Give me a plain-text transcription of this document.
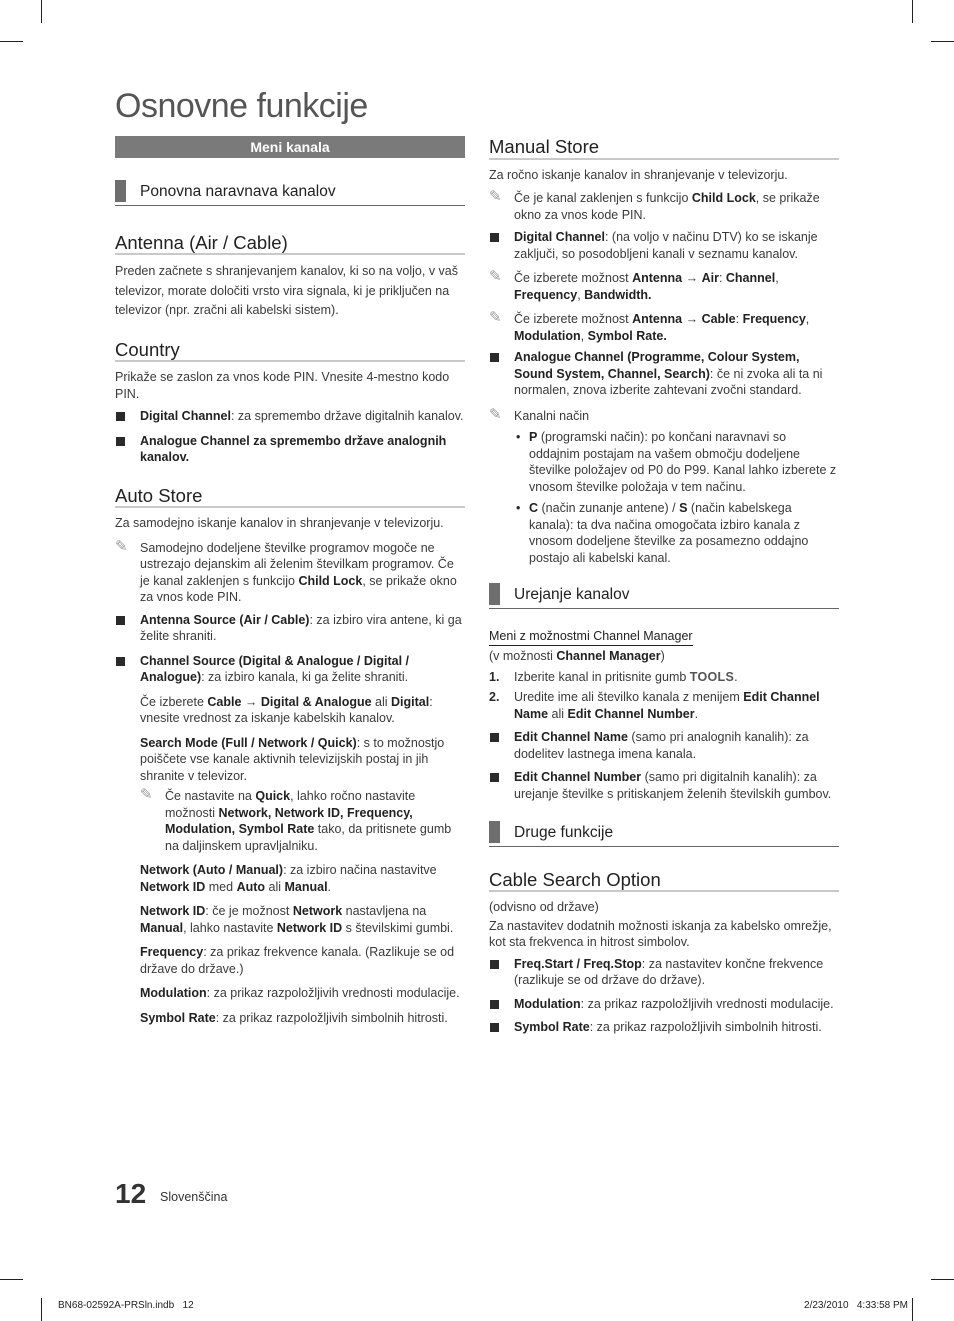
Osnovne funkcije
Meni kanala
Ponovna naravnava kanalov
Antenna (Air / Cable)

Preden začnete s shranjevanjem kanalov, ki so na voljo, v vaš televizor, morate določiti vrsto vira signala, ki je priključen na televizor (npr. zračni ali kabelski sistem).

Country

Prikaže se zaslon za vnos kode PIN. Vnesite 4-mestno kodo PIN.

Digital Channel: za spremembo države digitalnih kanalov.
Analogue Channel za spremembo države analognih kanalov.
Auto Store

Za samodejno iskanje kanalov in shranjevanje v televizorju.

✎ Samodejno dodeljene številke programov mogoče ne ustrezajo dejanskim ali želenim številkam programov. Če je kanal zaklenjen s funkcijo Child Lock, se prikaže okno za vnos kode PIN.
Antenna Source (Air / Cable): za izbiro vira antene, ki ga želite shraniti.
Channel Source (Digital & Analogue / Digital / Analogue): za izbiro kanala, ki ga želite shraniti.

Če izberete Cable → Digital & Analogue ali Digital: vnesite vrednost za iskanje kabelskih kanalov.

Search Mode (Full / Network / Quick): s to možnostjo poiščete vse kanale aktivnih televizijskih postaj in jih shranite v televizor.

✎ Če nastavite na Quick, lahko ročno nastavite možnosti Network, Network ID, Frequency, Modulation, Symbol Rate tako, da pritisnete gumb na daljinskem upravljalniku.

Network (Auto / Manual): za izbiro načina nastavitve Network ID med Auto ali Manual.

Network ID: če je možnost Network nastavljena na Manual, lahko nastavite Network ID s številskimi gumbi.

Frequency: za prikaz frekvence kanala. (Razlikuje se od države do države.)

Modulation: za prikaz razpoložljivih vrednosti modulacije.

Symbol Rate: za prikaz razpoložljivih simbolnih hitrosti.

Manual Store

Za ročno iskanje kanalov in shranjevanje v televizorju.

✎ Če je kanal zaklenjen s funkcijo Child Lock, se prikaže okno za vnos kode PIN.
Digital Channel: (na voljo v načinu DTV) ko se iskanje zaključi, so posodobljeni kanali v seznamu kanalov.
✎ Če izberete možnost Antenna → Air: Channel, Frequency, Bandwidth.
✎ Če izberete možnost Antenna → Cable: Frequency, Modulation, Symbol Rate.
Analogue Channel (Programme, Colour System, Sound System, Channel, Search): če ni zvoka ali ta ni normalen, znova izberite zahtevani zvočni standard.
✎ Kanalni način
• P (programski način): po končani naravnavi so oddajnim postajam na vašem območju dodeljene številke položajev od P0 do P99. Kanal lahko izberete z vnosom številke položaja v tem načinu.
• C (način zunanje antene) / S (način kabelskega kanala): ta dva načina omogočata izbiro kanala z vnosom dodeljene številke za posamezno oddajno postajo ali kabelski kanal.
Urejanje kanalov
Meni z možnostmi Channel Manager

(v možnosti Channel Manager)

1. Izberite kanal in pritisnite gumb TOOLS.
2. Uredite ime ali številko kanala z menijem Edit Channel Name ali Edit Channel Number.
Edit Channel Name (samo pri analognih kanalih): za dodelitev lastnega imena kanala.
Edit Channel Number (samo pri digitalnih kanalih): za urejanje številke s pritiskanjem želenih številskih gumbov.
Druge funkcije
Cable Search Option

(odvisno od države)

Za nastavitev dodatnih možnosti iskanja za kabelsko omrežje, kot sta frekvenca in hitrost simbolov.

Freq.Start / Freq.Stop: za nastavitev končne frekvence (razlikuje se od države do države).
Modulation: za prikaz razpoložljivih vrednosti modulacije.
Symbol Rate: za prikaz razpoložljivih simbolnih hitrosti.
12 Slovenščina
BN68-02592A-PRSln.indb   12	2/23/2010   4:33:58 PM
